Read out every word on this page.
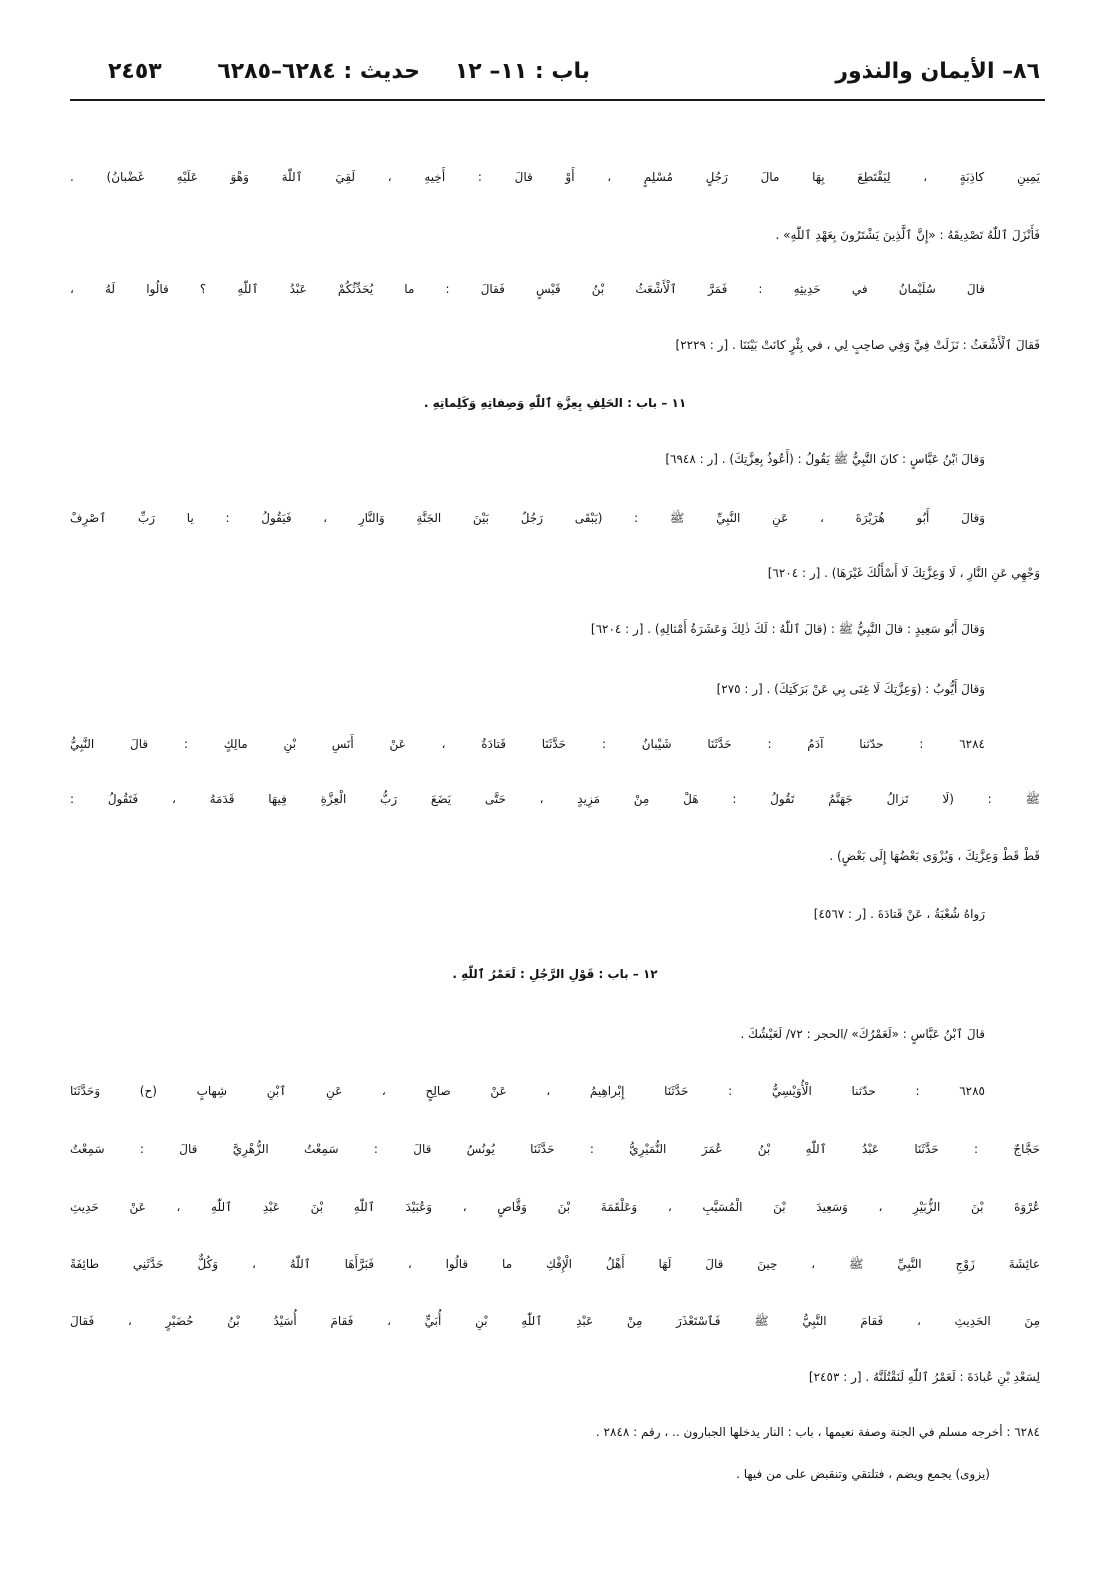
٨٦– الأيمان والنذور
باب : ١١– ١٢
حديث : ٦٢٨٤–٦٢٨٥
٢٤٥٣
يَمِينِ كاذِبَةٍ ، لِيَقْتَطِعَ بِهَا مالَ رَجُلٍ مُسْلِمٍ ، أَوْ قالَ : أَخِيهِ ، لَقِيَ ٱللّٰهَ وَهْوَ عَلَيْهِ غَضْبانُ) .
فَأَنْزَلَ ٱللّٰهُ تَصْدِيقَهُ : «إِنَّ ٱلَّذِينَ يَشْتَرُونَ بِعَهْدِ ٱللّٰهِ» .
قالَ سُلَيْمانُ في حَدِيثِهِ : فَمَرَّ ٱلْأَشْعَثُ بْنُ قَيْسٍ فَقالَ : ما يُحَدِّثُكُمْ عَبْدُ ٱللّٰهِ ؟ قالُوا لَهُ ،
فَقالَ ٱلْأَشْعَثُ : نَزَلَتْ فِيَّ وَفِي صاحِبٍ لِي ، في بِئْرٍ كانَتْ بَيْنَنَا . [ر : ٢٢٢٩]
١١ – باب : الحَلِفِ بِعِزَّةِ ٱللّٰهِ وَصِفاتِهِ وَكَلِماتِهِ .
وَقالَ ٱبْنُ عَبَّاسٍ : كانَ النَّبِيُّ ﷺ يَقُولُ : (أَعُوذُ بِعِزَّتِكَ) . [ر : ٦٩٤٨]
وَقالَ أَبُو هُرَيْرَةَ ، عَنِ النَّبِيِّ ﷺ : (يَبْقَى رَجُلٌ بَيْنَ الجَنَّةِ وَالنَّارِ ، فَيَقُولُ : يا رَبِّ ٱصْرِفْ
وَجْهِي عَنِ النَّارِ ، لَا وَعِزَّتِكَ لَا أَسْأَلُكَ غَيْرَهَا) . [ر : ٦٢٠٤]
وَقالَ أَبُو سَعِيدٍ : قالَ النَّبِيُّ ﷺ : (قالَ ٱللّٰهُ : لَكَ ذٰلِكَ وَعَشَرَةُ أَمْثالِهِ) . [ر : ٦٢٠٤]
وَقالَ أَيُّوبُ : (وَعِزَّتِكَ لَا غِنَى بِي عَنْ بَرَكَتِكَ) . [ر : ٢٧٥]
٦٢٨٤ : حدّثنا آدَمُ : حَدَّثَنَا شَيْبانُ : حَدَّثَنَا قَتادَةُ ، عَنْ أَنَسِ بْنِ مالِكٍ : قالَ النَّبِيُّ
ﷺ : (لَا تَزالُ جَهَنَّمُ تَقُولُ : هَلْ مِنْ مَزِيدٍ ، حَتَّى يَضَعَ رَبُّ الْعِزَّةِ فِيهَا قَدَمَهُ ، فَتَقُولُ :
قَطْ قَطْ وَعِزَّتِكَ ، وَيُزْوَى بَعْضُهَا إِلَى بَعْضٍ) .
رَواهُ شُعْبَةُ ، عَنْ قَتادَةَ . [ر : ٤٥٦٧]
١٢ – باب : قَوْلِ الرَّجُلِ : لَعَمْرُ ٱللّٰهِ .
قالَ ٱبْنُ عَبَّاسٍ : «لَعَمْرُكَ» /الحجر : ٧٢/ لَعَيْشُكَ .
٦٢٨٥ : حدّثنا الْأُوَيْسِيُّ : حَدَّثَنَا إِبْراهِيمُ ، عَنْ صالِحٍ ، عَنِ ٱبْنِ شِهابٍ (ح) وَحَدَّثَنَا
حَجَّاجٌ : حَدَّثَنَا عَبْدُ ٱللّٰهِ بْنُ عُمَرَ النُّمَيْرِيُّ : حَدَّثَنَا يُونُسُ قالَ : سَمِعْتُ الزُّهْرِيَّ قالَ : سَمِعْتُ
عُرْوَةَ بْنَ الزُّبَيْرِ ، وَسَعِيدَ بْنَ الْمُسَيَّبِ ، وَعَلْقَمَةَ بْنَ وَقَّاصٍ ، وَعُبَيْدَ ٱللّٰهِ بْنَ عَبْدِ ٱللّٰهِ ، عَنْ حَدِيثِ
عائِشَةَ زَوْجِ النَّبِيِّ ﷺ ، حِينَ قالَ لَهَا أَهْلُ الْإِفْكِ ما قالُوا ، فَبَرَّأَهَا ٱللّٰهُ ، وَكُلٌّ حَدَّثَنِي طائِفَةً
مِنَ الحَدِيثِ ، فَقامَ النَّبِيُّ ﷺ فَٱسْتَعْذَرَ مِنْ عَبْدِ ٱللّٰهِ بْنِ أُبَيٍّ ، فَقامَ أُسَيْدُ بْنُ حُضَيْرٍ ، فَقالَ
لِسَعْدِ بْنِ عُبادَةَ : لَعَمْرُ ٱللّٰهِ لَنَقْتُلَنَّهُ . [ر : ٢٤٥٣]
٦٢٨٤ : أخرجه مسلم في الجنة وصفة نعيمها ، باب : النار يدخلها الجبارون .. ، رقم : ٢٨٤٨ .
(يزوى) يجمع ويضم ، فتلتقي وتنقبض على من فيها .
